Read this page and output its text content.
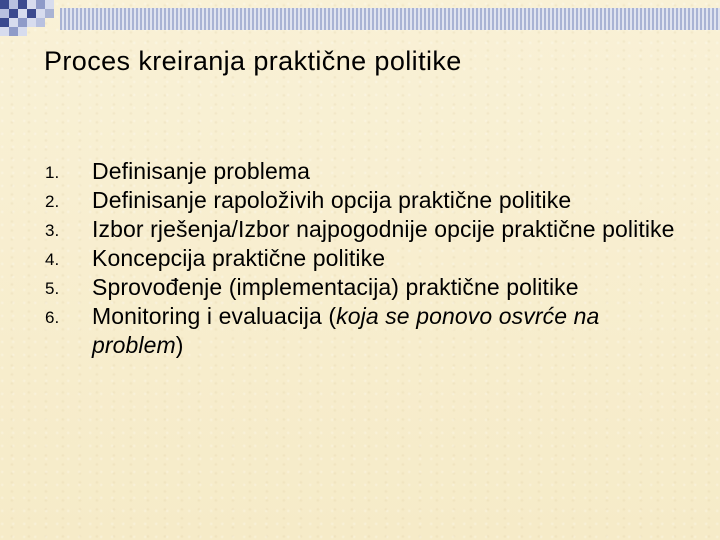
Proces kreiranja praktične politike
1. Definisanje problema
2. Definisanje rapoloživih opcija praktične politike
3. Izbor rješenja/Izbor najpogodnije opcije praktične politike
4. Koncepcija praktične politike
5. Sprovođenje (implementacija) praktične politike
6. Monitoring i evaluacija (koja se ponovo osvrće na problem)
